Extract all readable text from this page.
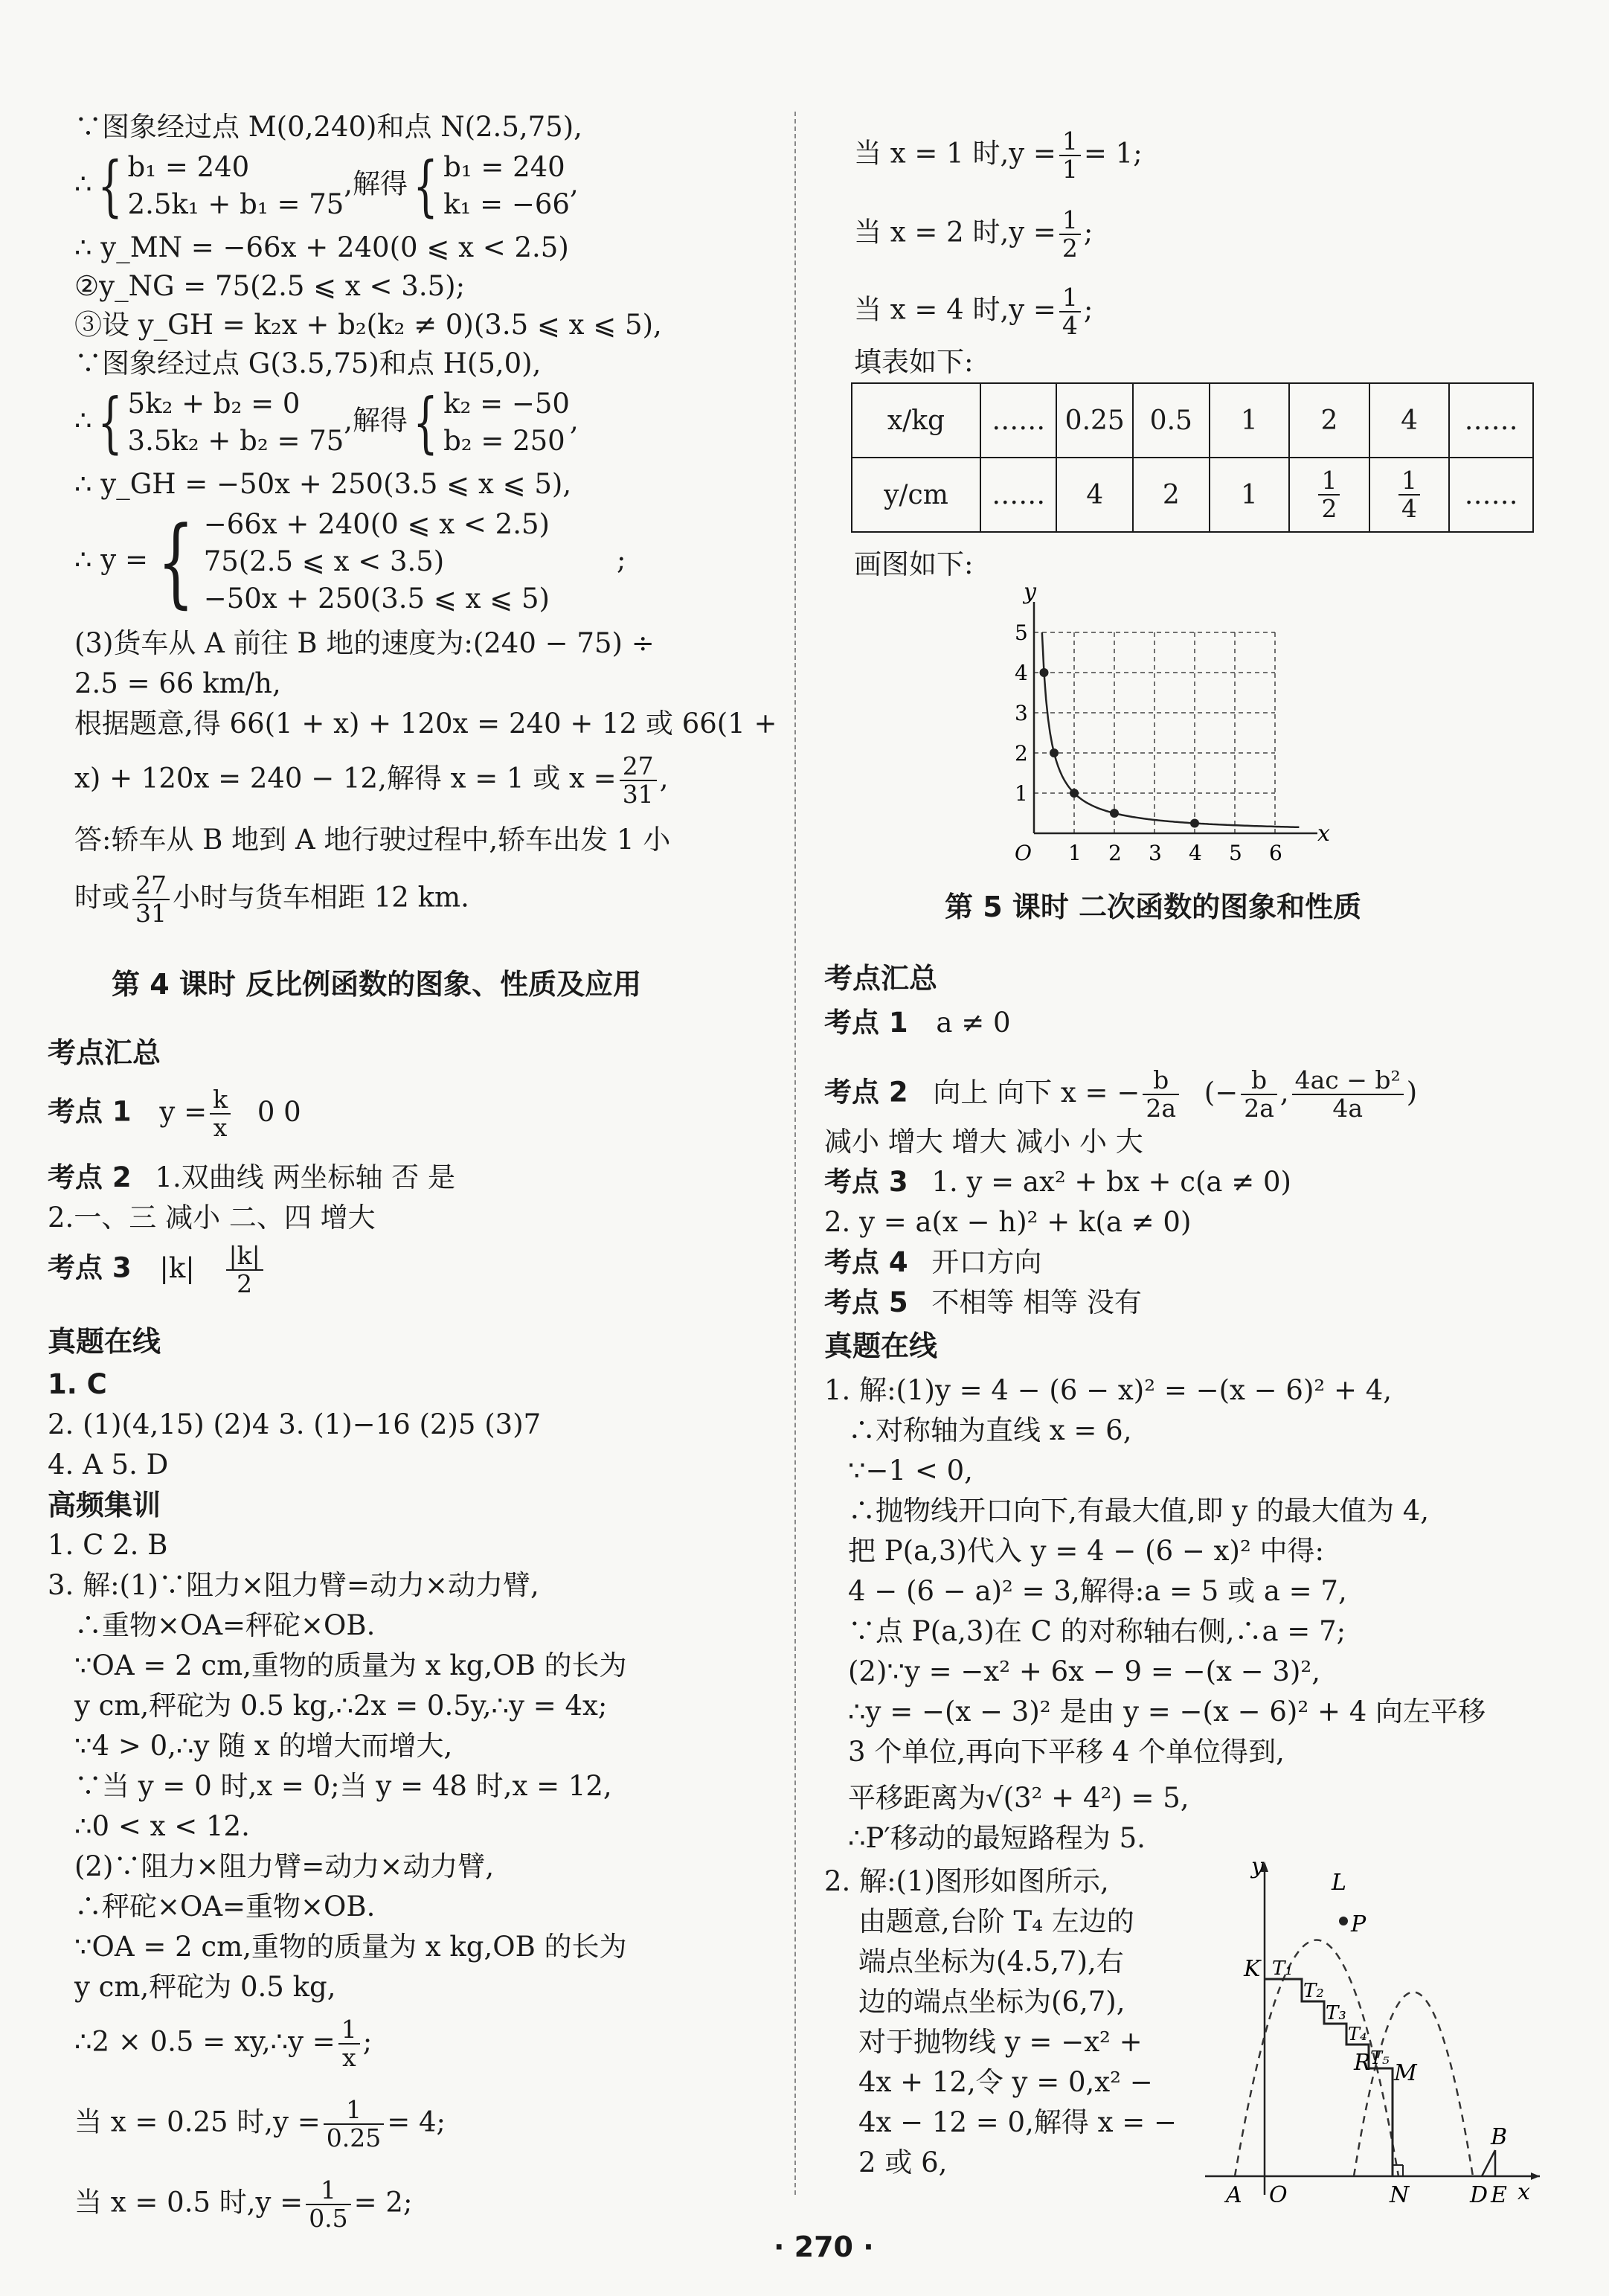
∵图象经过点 M(0,240)和点 N(2.5,75),
∴{ b₁ = 240
2.5k₁ + b₁ = 75
,解得{ b₁ = 240
k₁ = −66
,
∴ y_MN = −66x + 240(0 ⩽ x < 2.5)
②y_NG = 75(2.5 ⩽ x < 3.5);
③设 y_GH = k₂x + b₂(k₂ ≠ 0)(3.5 ⩽ x ⩽ 5),
∵图象经过点 G(3.5,75)和点 H(5,0),
∴{ 5k₂ + b₂ = 0
3.5k₂ + b₂ = 75
,解得{ k₂ = −50
b₂ = 250
,
∴ y_GH = −50x + 250(3.5 ⩽ x ⩽ 5),
∴ y ={ −66x + 240(0 ⩽ x < 2.5)
75(2.5 ⩽ x < 3.5)
−50x + 250(3.5 ⩽ x ⩽ 5)
;
(3)货车从 A 前往 B 地的速度为:(240 − 75) ÷
2.5 = 66 km/h,
根据题意,得 66(1 + x) + 120x = 240 + 12 或 66(1 +
x) + 120x = 240 − 12,解得 x = 1 或 $x = \frac{27}{31}$ ,
答:轿车从 B 地到 A 地行驶过程中,轿车出发 1 小
时或 $\frac{27}{31}$ 小时与货车相距 12 km.
第 4 课时 反比例函数的图象、性质及应用
考点汇总
考点 1 $y = \frac{k}{x} 0$ 0
考点 2 1.双曲线 两坐标轴 否 是
2.一、三 减小 二、四 增大
考点 3 $|k| \frac{|k|}{2}$
真题在线
1. C
2. (1)(4,15) (2)4 3. (1)−16 (2)5 (3)7
4. A 5. D
高频集训
1. C 2. B
3. 解:(1)∵阻力×阻力臂=动力×动力臂,
∴重物×OA=秤砣×OB.
∵OA = 2 cm,重物的质量为 x kg,OB 的长为
y cm,秤砣为 0.5 kg,∴2x = 0.5y,∴y = 4x;
∵4 > 0,∴y 随 x 的增大而增大,
∵当 y = 0 时,x = 0;当 y = 48 时,x = 12,
∴0 < x < 12.
(2)∵阻力×阻力臂=动力×动力臂,
∴秤砣×OA=重物×OB.
∵OA = 2 cm,重物的质量为 x kg,OB 的长为
y cm,秤砣为 0.5 kg,
∴2 × 0.5 = xy,∴y = $\frac{1}{x}$ ;
当 x = 0.25 时$,y = \frac{1}{0.25} = 4$;
当 x = 0.5 时$,y = \frac{1}{0.5} = 2$;
当 x = 1 时$,y = \frac{1}{1} = 1$;
当 x = 2 时$,y = \frac{1}{2}$ ;
当 x = 4 时$,y = \frac{1}{4}$ ;
填表如下:
x/kg	……	0.25	0.5	1	2	4	……
y/cm	……	4	2	1	$\frac{1}{2}$	$\frac{1}{4}$	……
画图如下:
O 1 2 3 4 5 6
1
2
3
4
5
x
y
第 5 课时 二次函数的图象和性质
考点汇总
考点 1 a ≠ 0
考点 2 向上 向下 x = − $\frac{b}{2a}$ (− $\frac{b}{2a}$ , $\frac{\text{4ac − b²}}{4a}$ )
减小 增大 增大 减小 小 大
考点 3 1. y = ax² + bx + c(a ≠ 0)
2. y = a(x − h)² + k(a ≠ 0)
考点 4 开口方向
考点 5 不相等 相等 没有
真题在线
1. 解:(1)y = 4 − (6 − x)² = −(x − 6)² + 4,
∴对称轴为直线 x = 6,
∵−1 < 0,
∴抛物线开口向下,有最大值,即 y 的最大值为 4,
把 P(a,3)代入 y = 4 − (6 − x)² 中得:
4 − (6 − a)² = 3,解得:a = 5 或 a = 7,
∵点 P(a,3)在 C 的对称轴右侧,∴a = 7;
(2)∵y = −x² + 6x − 9 = −(x − 3)²,
∴y = −(x − 3)² 是由 y = −(x − 6)² + 4 向左平移
3 个单位,再向下平移 4 个单位得到,
平移距离为√(3² + 4²) = 5,
∴P′移动的最短路程为 5.
2. 解:(1)图形如图所示,
由题意,台阶 T₄ 左边的
端点坐标为(4.5,7),右
边的端点坐标为(6,7),
对于抛物线 y = −x² +
4x + 12,令 y = 0,x² −
4x − 12 = 0,解得 x = −
2 或 6,
y
L
P
K T₁
T₂
T₃
T₄
T₅
R M
B
A O	N	D E x
· 270 ·
